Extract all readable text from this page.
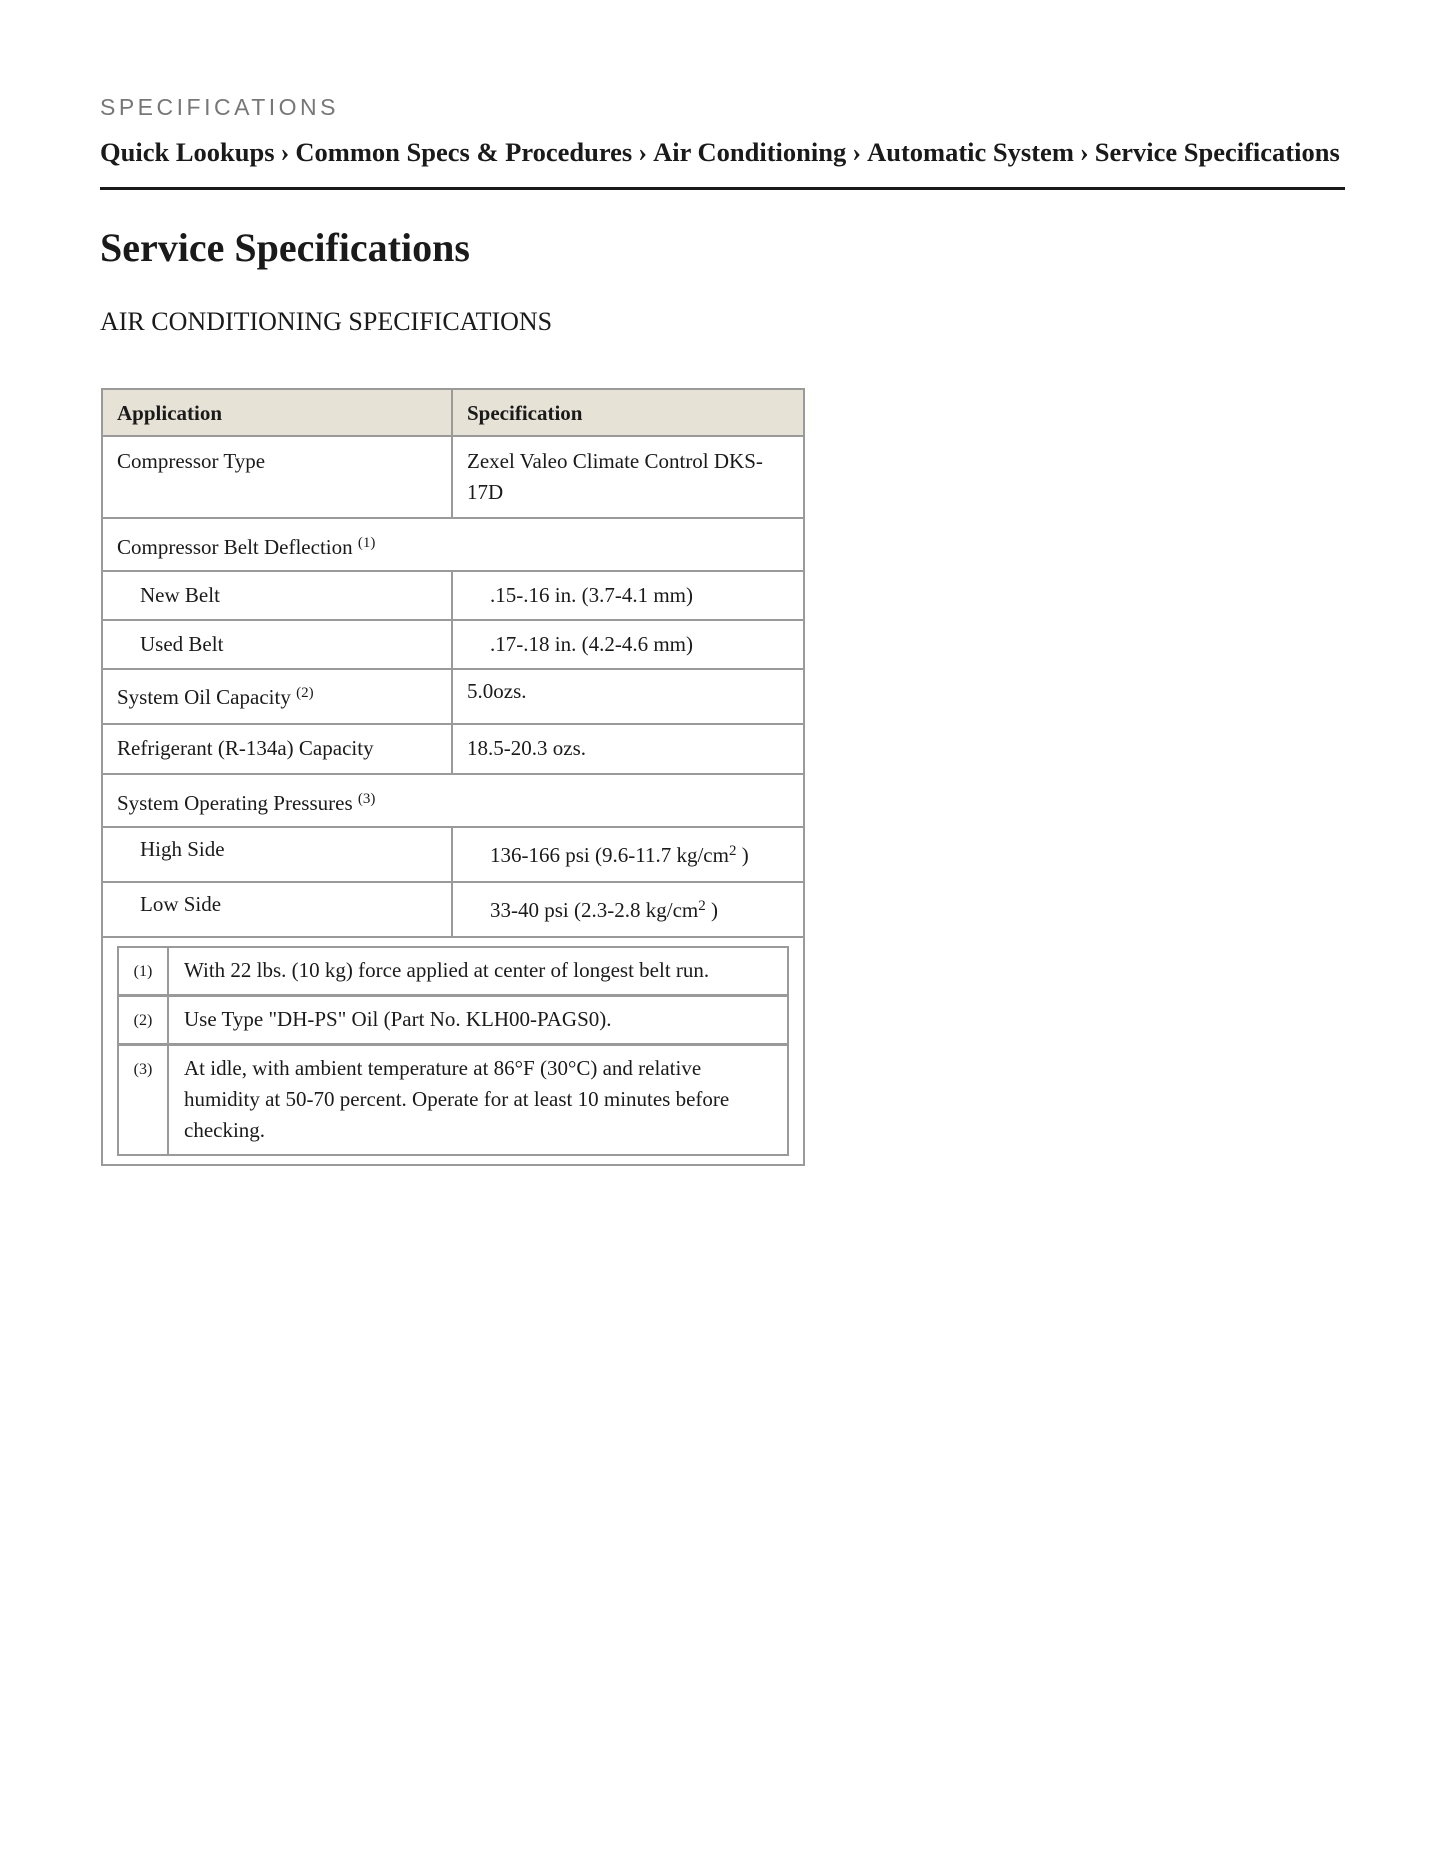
SPECIFICATIONS
Quick Lookups › Common Specs & Procedures › Air Conditioning › Automatic System › Service Specifications
Service Specifications
AIR CONDITIONING SPECIFICATIONS
Application	Specification
Compressor Type	Zexel Valeo Climate Control DKS-17D
Compressor Belt Deflection $^{(1)}$
New Belt	.15-.16 in. (3.7-4.1 mm)
Used Belt	.17-.18 in. (4.2-4.6 mm)
System Oil Capacity $^{(2)}$	5.0ozs.
Refrigerant (R-134a) Capacity	18.5-20.3 ozs.
System Operating Pressures $^{(3)}$
High Side	136-166 psi (9.6-11.7 $kg/cm^2$ )
Low Side	33-40 psi (2.3-2.8 $kg/cm^2$ )

(1)	With 22 lbs. (10 kg) force applied at center of longest belt run.
(2)	Use Type "DH-PS" Oil (Part No. KLH00-PAGS0).
(3)	At idle, with ambient temperature at 86°F (30°C) and relative humidity at 50-70 percent. Operate for at least 10 minutes before checking.
